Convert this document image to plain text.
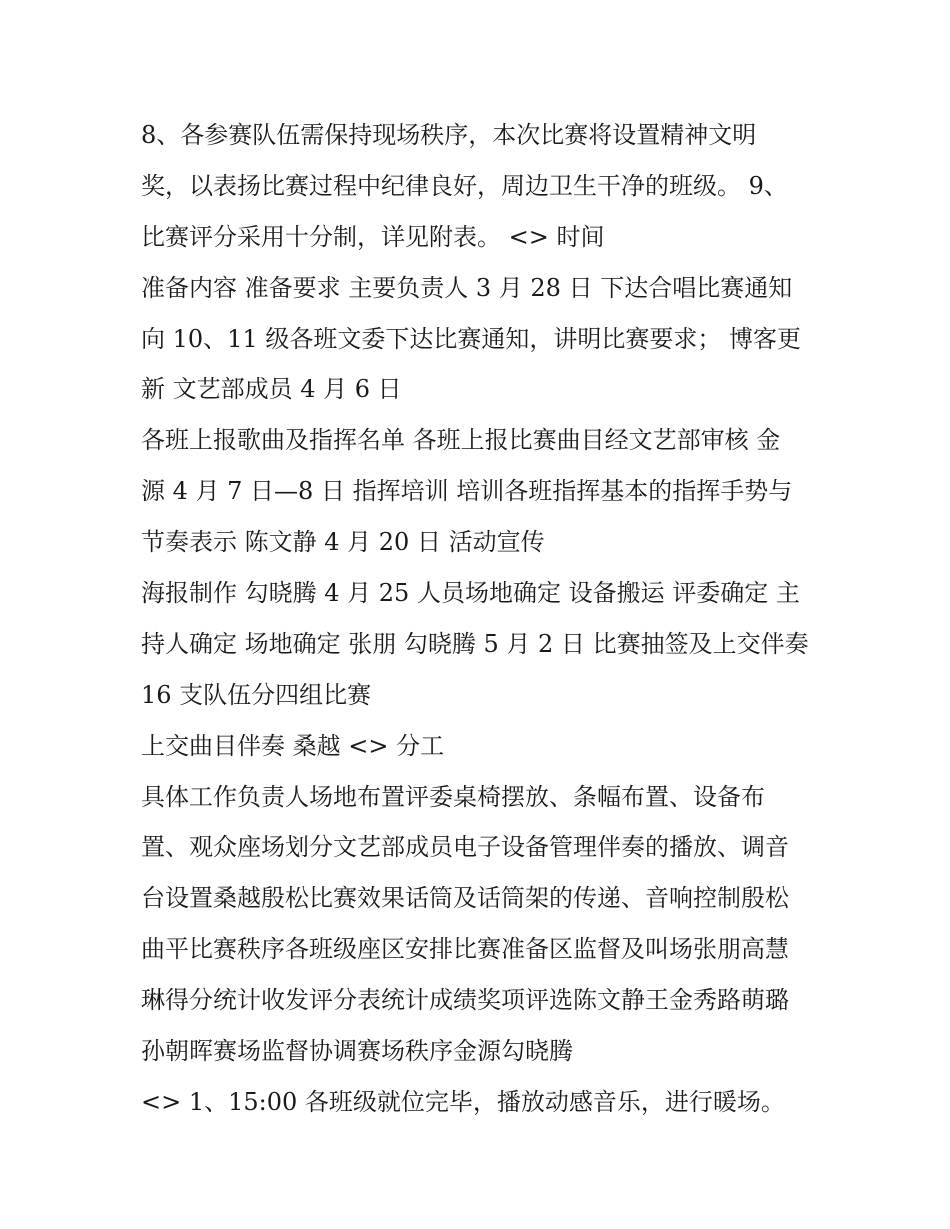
8、各参赛队伍需保持现场秩序，本次比赛将设置精神文明
奖，以表扬比赛过程中纪律良好，周边卫生干净的班级。 9、
比赛评分采用十分制，详见附表。 <> 时间
准备内容 准备要求 主要负责人 3 月 28 日 下达合唱比赛通知
向 10、11 级各班文委下达比赛通知，讲明比赛要求； 博客更
新 文艺部成员 4 月 6 日
各班上报歌曲及指挥名单 各班上报比赛曲目经文艺部审核 金
源 4 月 7 日—8 日 指挥培训 培训各班指挥基本的指挥手势与
节奏表示 陈文静 4 月 20 日 活动宣传
海报制作 勾晓腾 4 月 25 人员场地确定 设备搬运 评委确定 主
持人确定 场地确定 张朋 勾晓腾 5 月 2 日 比赛抽签及上交伴奏
16 支队伍分四组比赛
上交曲目伴奏 桑越 <> 分工
具体工作负责人场地布置评委桌椅摆放、条幅布置、设备布
置、观众座场划分文艺部成员电子设备管理伴奏的播放、调音
台设置桑越殷松比赛效果话筒及话筒架的传递、音响控制殷松
曲平比赛秩序各班级座区安排比赛准备区监督及叫场张朋高慧
琳得分统计收发评分表统计成绩奖项评选陈文静王金秀路萌璐
孙朝晖赛场监督协调赛场秩序金源勾晓腾
<> 1、15:00 各班级就位完毕，播放动感音乐，进行暖场。
